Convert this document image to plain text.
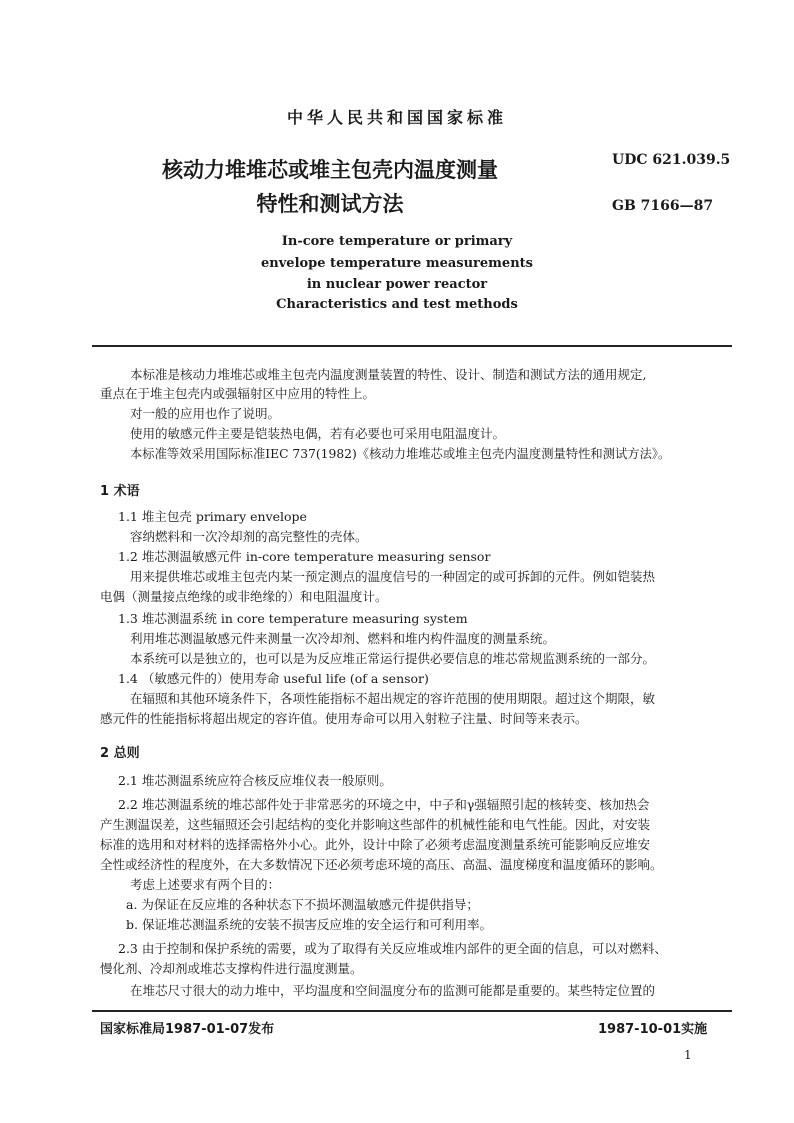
中华人民共和国国家标准
核动力堆堆芯或堆主包壳内温度测量
特性和测试方法
UDC 621.039.5
GB 7166—87
In-core temperature or primary
envelope temperature measurements
in nuclear power reactor
Characteristics and test methods
本标准是核动力堆堆芯或堆主包壳内温度测量装置的特性、设计、制造和测试方法的通用规定,
重点在于堆主包壳内或强辐射区中应用的特性上。
对一般的应用也作了说明。
使用的敏感元件主要是铠装热电偶，若有必要也可采用电阻温度计。
本标准等效采用国际标准IEC 737(1982)《核动力堆堆芯或堆主包壳内温度测量特性和测试方法》。
1 术语
1.1 堆主包壳 primary envelope
容纳燃料和一次冷却剂的高完整性的壳体。
1.2 堆芯测温敏感元件 in-core temperature measuring sensor
用来提供堆芯或堆主包壳内某一预定测点的温度信号的一种固定的或可拆卸的元件。例如铠装热
电偶（测量接点绝缘的或非绝缘的）和电阻温度计。
1.3 堆芯测温系统 in core temperature measuring system
利用堆芯测温敏感元件来测量一次冷却剂、燃料和堆内构件温度的测量系统。
本系统可以是独立的，也可以是为反应堆正常运行提供必要信息的堆芯常规监测系统的一部分。
1.4 （敏感元件的）使用寿命 useful life (of a sensor)
在辐照和其他环境条件下，各项性能指标不超出规定的容许范围的使用期限。超过这个期限，敏
感元件的性能指标将超出规定的容许值。使用寿命可以用入射粒子注量、时间等来表示。
2 总则
2.1 堆芯测温系统应符合核反应堆仪表一般原则。
2.2 堆芯测温系统的堆芯部件处于非常恶劣的环境之中，中子和γ强辐照引起的核转变、核加热会
产生测温误差，这些辐照还会引起结构的变化并影响这些部件的机械性能和电气性能。因此，对安装
标准的选用和对材料的选择需格外小心。此外，设计中除了必须考虑温度测量系统可能影响反应堆安
全性或经济性的程度外，在大多数情况下还必须考虑环境的高压、高温、温度梯度和温度循环的影响。
考虑上述要求有两个目的：
a. 为保证在反应堆的各种状态下不损坏测温敏感元件提供指导；
b. 保证堆芯测温系统的安装不损害反应堆的安全运行和可利用率。
2.3 由于控制和保护系统的需要，或为了取得有关反应堆或堆内部件的更全面的信息，可以对燃料、
慢化剂、冷却剂或堆芯支撑构件进行温度测量。
在堆芯尺寸很大的动力堆中，平均温度和空间温度分布的监测可能都是重要的。某些特定位置的
国家标准局1987-01-07发布	1987-10-01实施
1
